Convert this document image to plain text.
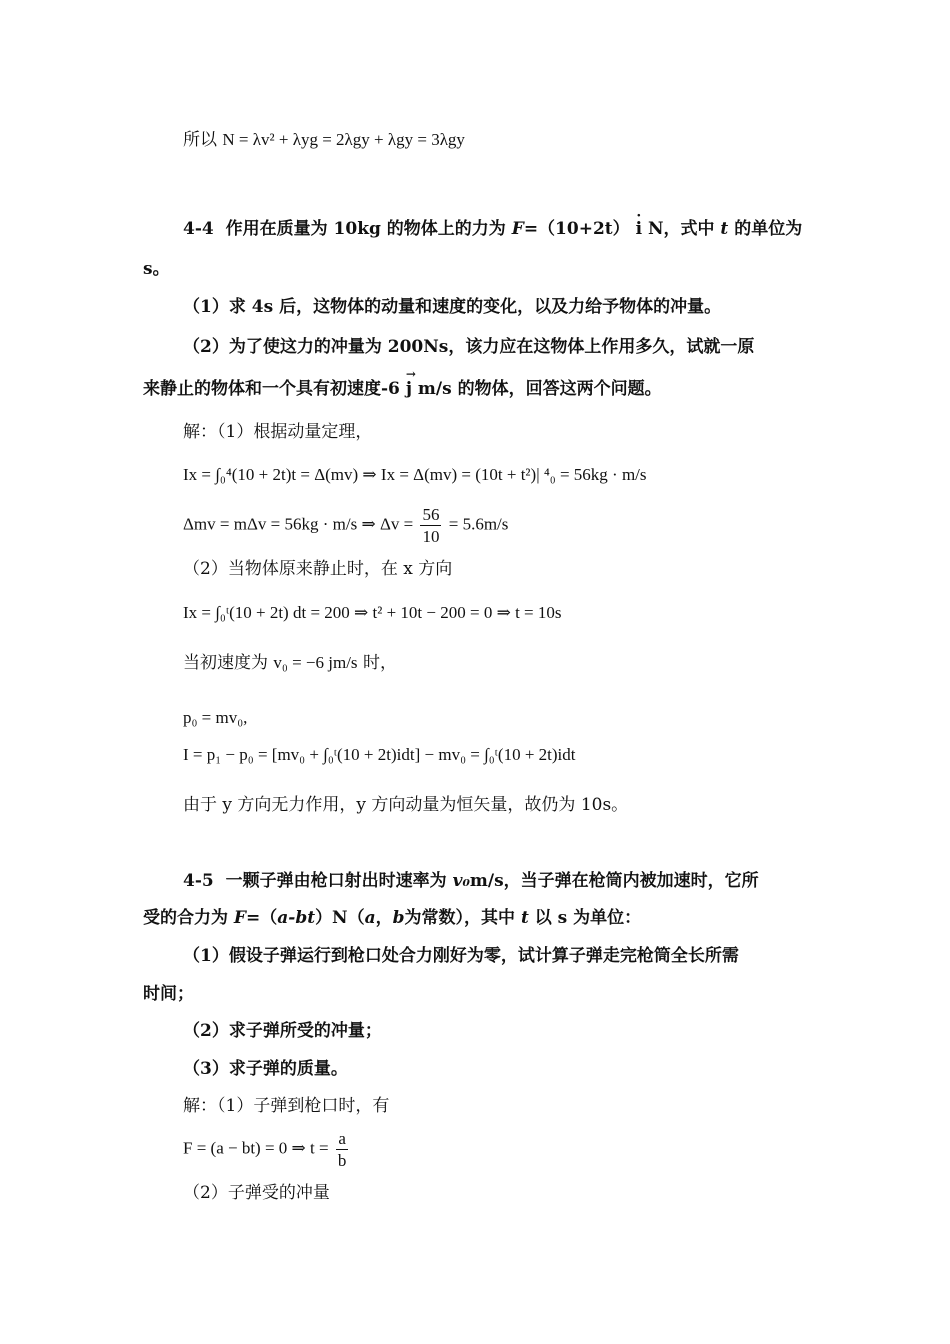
所以 N = λv² + λyg = 2λgy + λgy = 3λgy
4-4 作用在质量为 10kg 的物体上的力为 F=（10+2t） · i N，式中 t 的单位为
s。
（1）求 4s 后，这物体的动量和速度的变化，以及力给予物体的冲量。
（2）为了使这力的冲量为 200Ns，该力应在这物体上作用多久，试就一原
来静止的物体和一个具有初速度-6 → j m/s 的物体，回答这两个问题。
解：（1）根据动量定理，
Ix = ∫₀⁴(10 + 2t)t = Δ(mv) ⇒ Ix = Δ(mv) = (10t + t²)| ⁴₀ = 56kg · m/s
Δmv = mΔv = 56kg · m/s ⇒ $\Delta v = \frac{56}{10} = 5.6m/s$
（2）当物体原来静止时，在 x 方向
Ix = ∫₀ᵗ(10 + 2t) dt = 200 ⇒ t² + 10t − 200 = 0 ⇒ t = 10s
当初速度为 v₀ = −6 jm/s 时，
p₀ = mv₀,
I = p₁ − p₀ = [mv₀ + ∫₀ᵗ(10 + 2t)idt] − mv₀ = ∫₀ᵗ(10 + 2t)idt
由于 y 方向无力作用，y 方向动量为恒矢量，故仍为 10s。
4-5 一颗子弹由枪口射出时速率为 v₀m/s，当子弹在枪筒内被加速时，它所
受的合力为 F=（a-bt）N（a，b为常数），其中 t 以 s 为单位：
（1）假设子弹运行到枪口处合力刚好为零，试计算子弹走完枪筒全长所需
时间；
（2）求子弹所受的冲量；
（3）求子弹的质量。
解：（1）子弹到枪口时，有
F = (a − bt) = 0 ⇒ $t = \frac{a}{b}$
（2）子弹受的冲量
